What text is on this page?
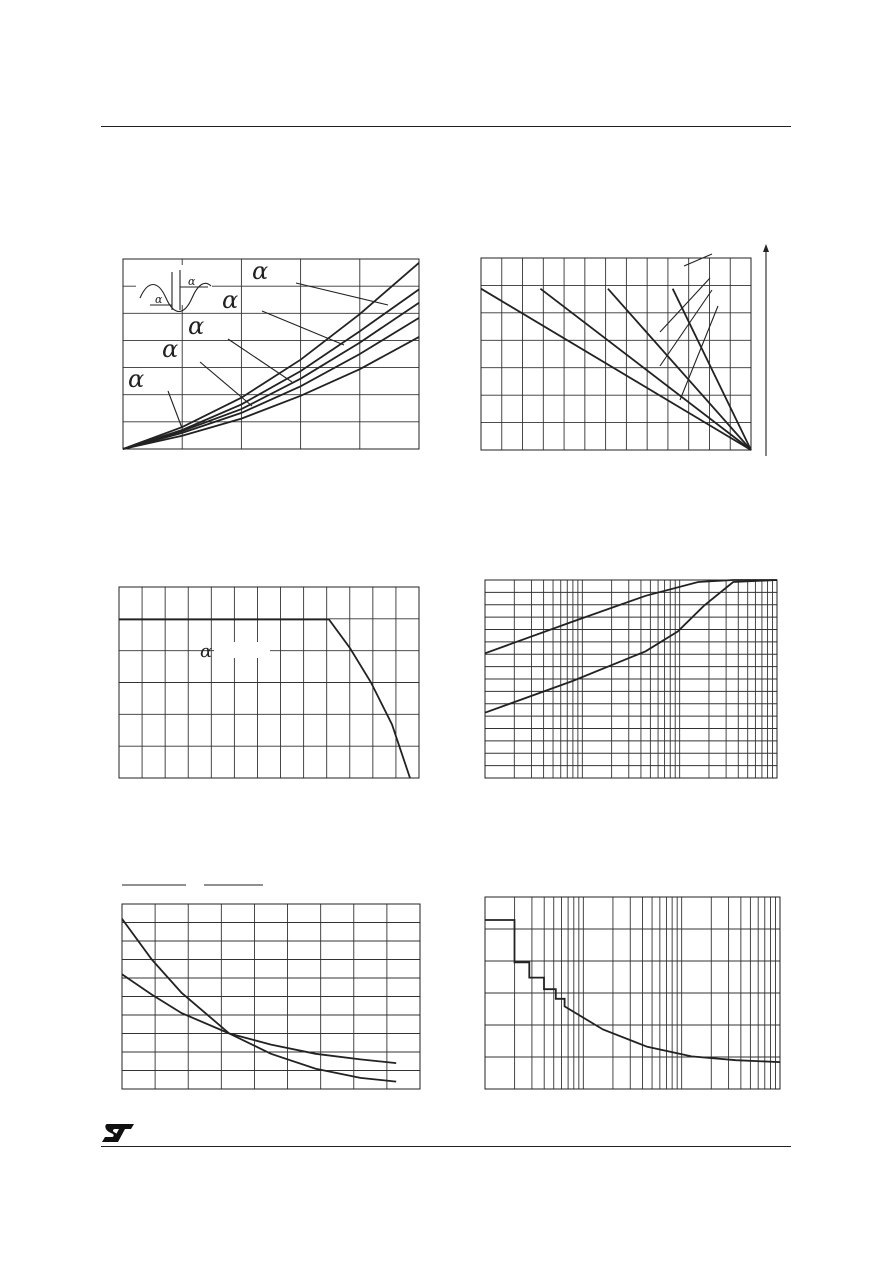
α
α α
α
α
α
α
α
